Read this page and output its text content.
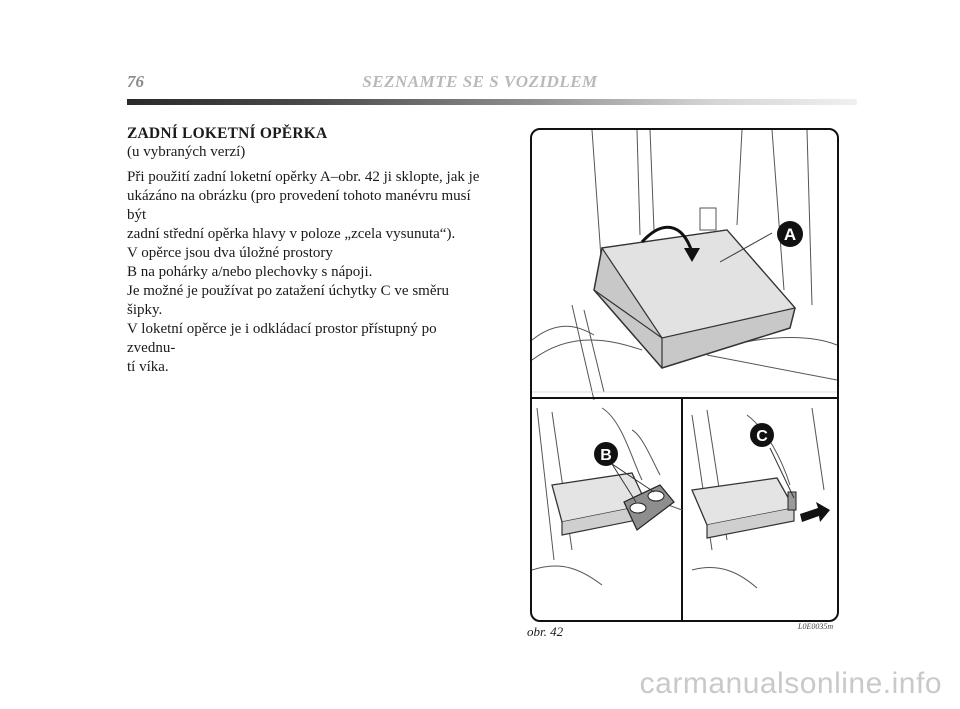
76	SEZNAMTE SE S VOZIDLEM

ZADNÍ LOKETNÍ OPĚRKA

(u vybraných verzí)

Při použití zadní loketní opěrky A–obr. 42 ji sklopte, jak je

ukázáno na obrázku (pro provedení tohoto manévru musí být

zadní střední opěrka hlavy v poloze „zcela vysunuta“).

V opěrce jsou dva úložné prostory

B na pohárky a/nebo plechovky s nápoji.

Je možné je používat po zatažení úchytky C ve směru šipky.

V loketní opěrce je i odkládací prostor přístupný po zvednu-

tí víka.

A
B
C
obr. 42	L0E0035m
carmanualsonline.info
